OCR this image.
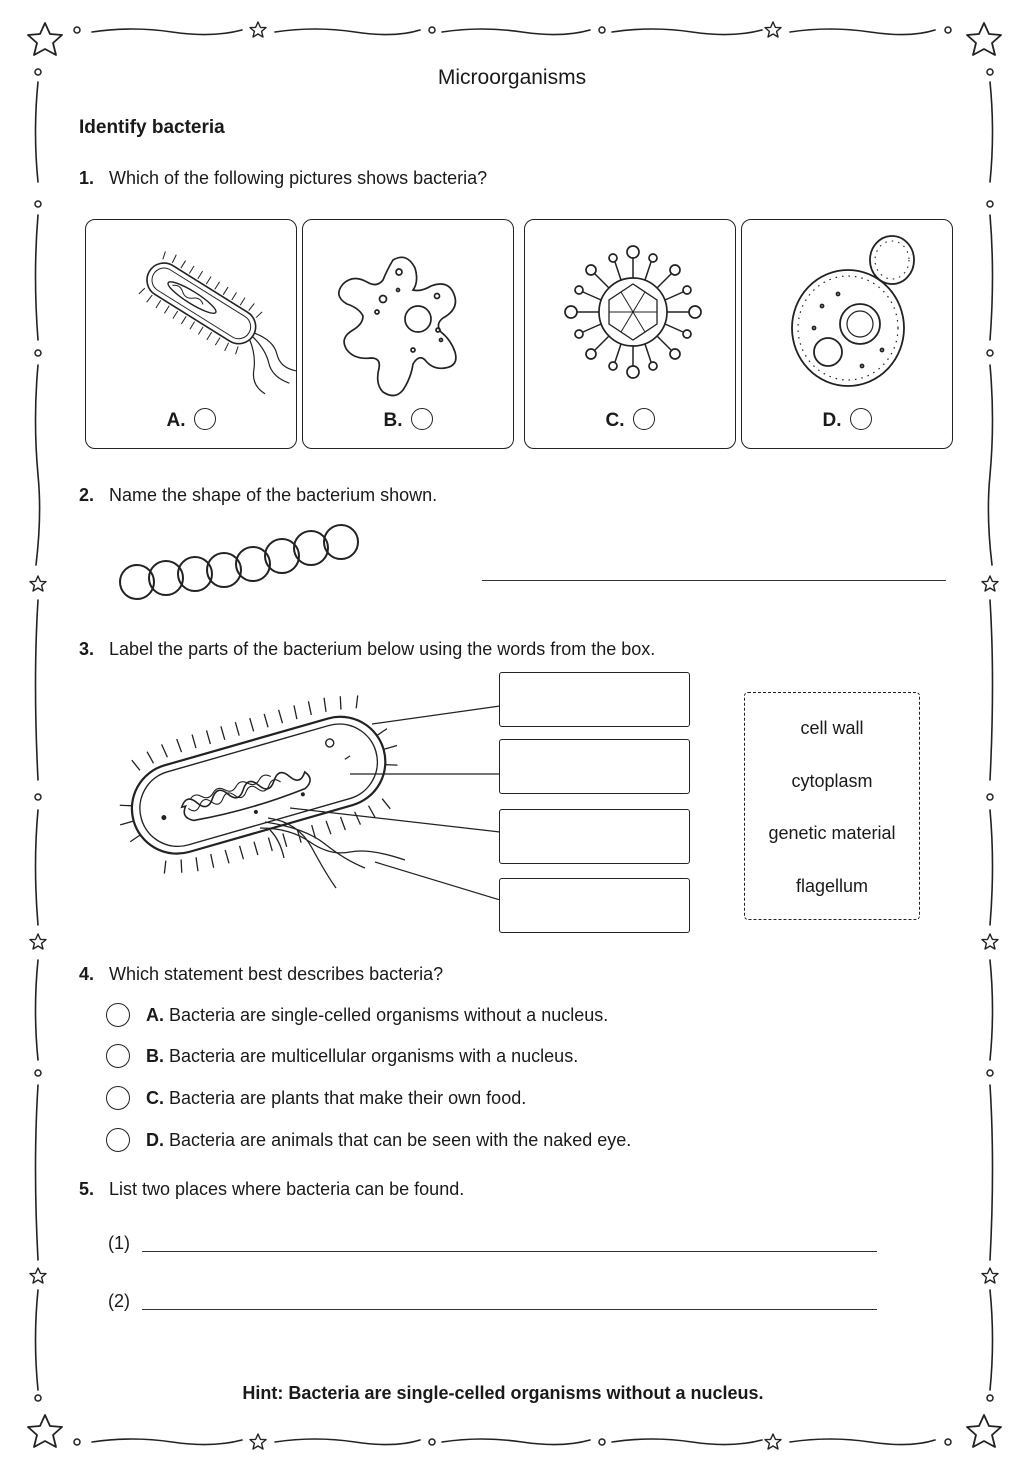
Microorganisms
Identify bacteria
1. Which of the following pictures shows bacteria?
A.	B.	C.	D.
2. Name the shape of the bacterium shown.
3. Label the parts of the bacterium below using the words from the box.
cell wall
cytoplasm
genetic material
flagellum
4. Which statement best describes bacteria?
A. Bacteria are single-celled organisms without a nucleus.
B. Bacteria are multicellular organisms with a nucleus.
C. Bacteria are plants that make their own food.
D. Bacteria are animals that can be seen with the naked eye.
5. List two places where bacteria can be found.
(1)
(2)
Hint: Bacteria are single-celled organisms without a nucleus.
